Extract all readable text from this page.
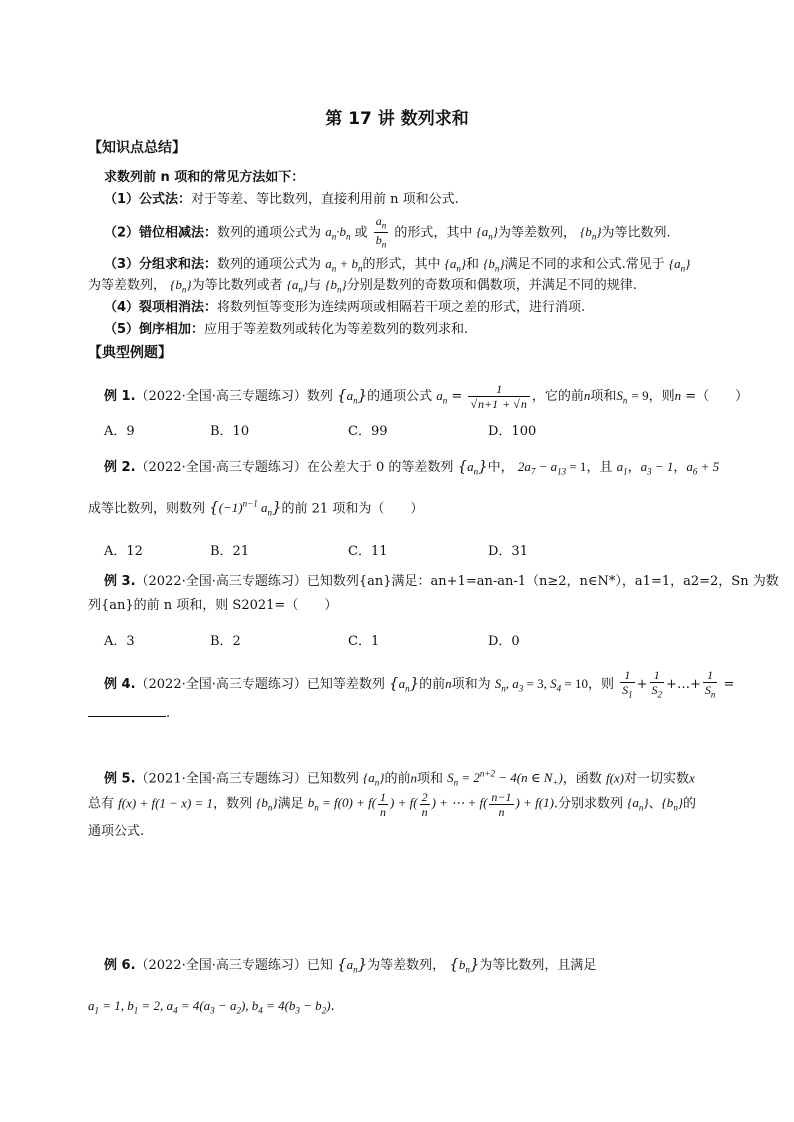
第 17 讲 数列求和
【知识点总结】
求数列前 n 项和的常见方法如下：
（1）公式法：对于等差、等比数列，直接利用前 n 项和公式.
（2）错位相减法：数列的通项公式为 $a_n\cdot b_n$ 或 $\frac{a_n}{b_n}$ 的形式，其中 $\{a_n\}$为等差数列， $\{b_n\}$为等比数列.
（3）分组求和法：数列的通项公式为 $a_n + b_n$的形式，其中 $\{a_n\}$和 $\{b_n\}$满足不同的求和公式.常见于 $\{a_n\}$
为等差数列， $\{b_n\}$为等比数列或者 $\{a_n\}$与 $\{b_n\}$分别是数列的奇数项和偶数项，并满足不同的规律.
（4）裂项相消法：将数列恒等变形为连续两项或相隔若干项之差的形式，进行消项.
（5）倒序相加：应用于等差数列或转化为等差数列的数列求和.
【典型例题】
例 1.（2022·全国·高三专题练习）数列 $\{a_n\}$的通项公式 $a_n = \frac{1}{√n+1 + √n}$ ，它的前n项和$S_n = 9$，则n =（　　）
A．9	B．10	C．99	D．100
例 2.（2022·全国·高三专题练习）在公差大于 0 的等差数列 $\{a_n\}$中， $2a_7 - a_{13} = 1$，且 $a_1$，$a_3 - 1$，$a_6 + 5$
成等比数列，则数列 {$(-1)^{n-1}$ $a_n$}的前 21 项和为（　　）
A．12	B．21	C．11	D．31
例 3.（2022·全国·高三专题练习）已知数列{an}满足：an+1=an-an-1（n≥2，n∈N*），a1=1，a2=2，Sn 为数
列{an}的前 n 项和，则 S2021=（　　）
A．3	B．2	C．1	D．0
例 4.（2022·全国·高三专题练习）已知等差数列 $\{a_n\}$的前n项和为 $S_n$, $a_3 = 3$, $S_4 = 10$，则 $\frac{1}{S_1} + \frac{1}{S_2}$ +…+ $\frac{1}{S_n}$ =
.
例 5.（2021·全国·高三专题练习）已知数列 $\{a_n\}$的前n项和 $S_n = 2^{n+2} - 4(n$ ∈ $N_+$)，函数 f(x)对一切实数x
总有 f(x) + f(1 − x) = 1，数列 $\{b_n\}$满足 $b_n = f(0) + f( \frac{1}{n}$ ) + $f( \frac{2}{n}$ ) + ⋯ + $f( \frac{n-1}{n}$ ) + f(1).分别求数列 $\{a_n\}$、$\{b_n\}$的
通项公式.
例 6.（2022·全国·高三专题练习）已知 $\{a_n\}$为等差数列， $\{b_n\}$为等比数列，且满足
$a_1 = 1$, $b_1 = 2$, $a_4 = 4(a_3 - a_2)$, $b_4 = 4(b_3 - b_2)$.
